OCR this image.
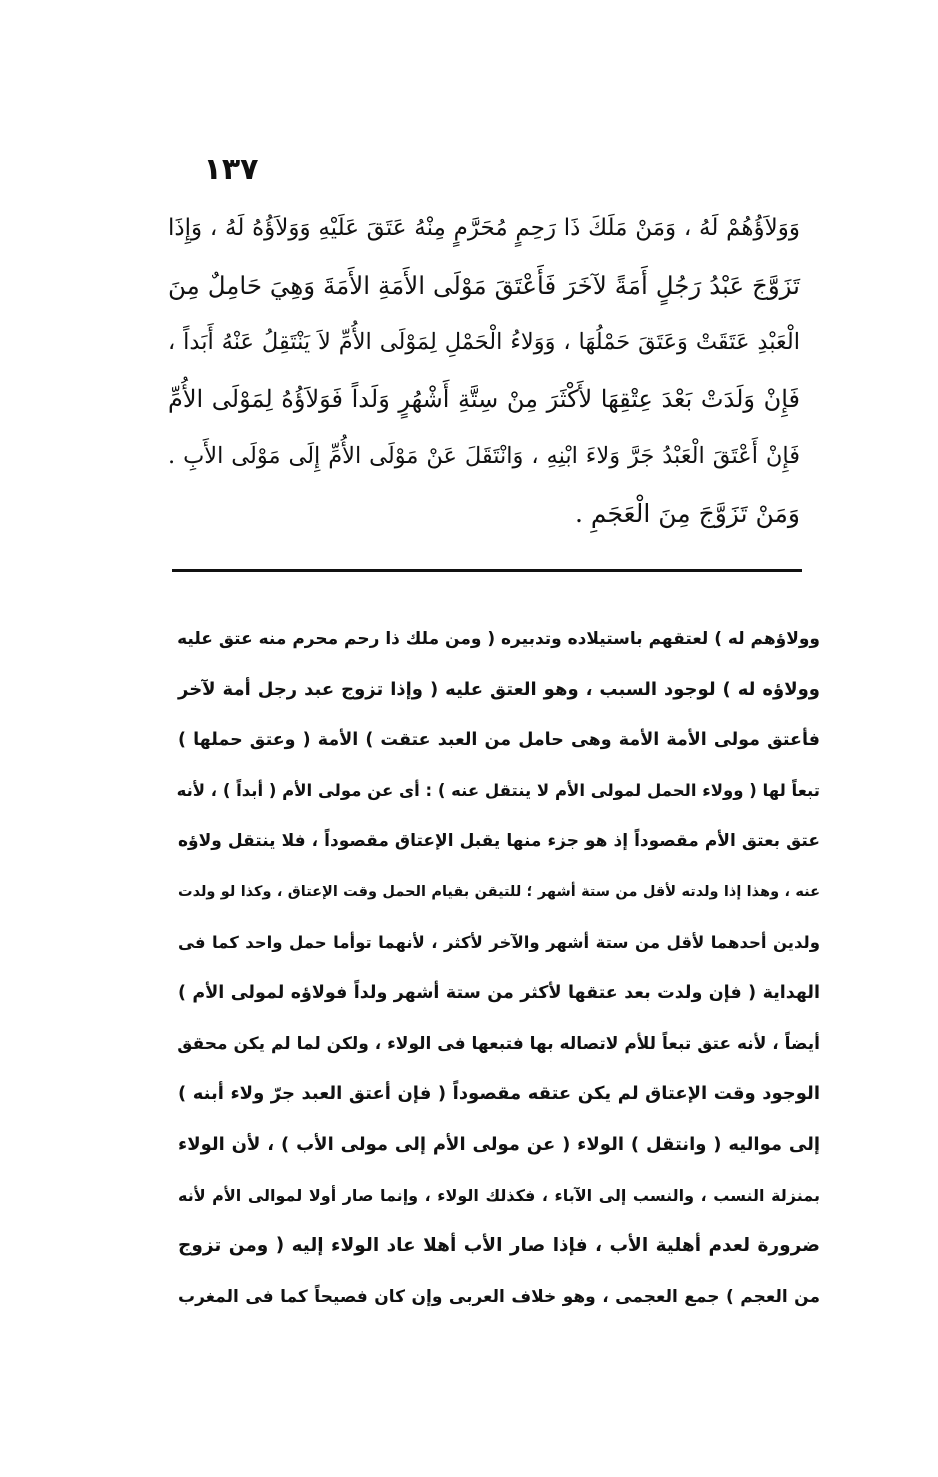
١٣٧
وَوَلاَؤُهُمْ لَهُ ، وَمَنْ مَلَكَ ذَا رَحِمٍ مُحَرَّمٍ مِنْهُ عَتَقَ عَلَيْهِ وَوَلاَؤُهُ لَهُ ، وَإِذَا
تَزَوَّجَ عَبْدُ رَجُلٍ أَمَةً لآخَرَ فَأَعْتَقَ مَوْلَى الأَمَةِ الأَمَةَ وَهِيَ حَامِلٌ مِنَ
الْعَبْدِ عَتَقَتْ وَعَتَقَ حَمْلُهَا ، وَوَلاءُ الْحَمْلِ لِمَوْلَى الأُمِّ لاَ يَنْتَقِلُ عَنْهُ أَبَداً ،
فَإِنْ وَلَدَتْ بَعْدَ عِتْقِهَا لأَكْثَرَ مِنْ سِتَّةِ أَشْهُرٍ وَلَداً فَوَلاَؤُهُ لِمَوْلَى الأُمِّ
فَإِنْ أَعْتَقَ الْعَبْدُ جَرَّ وَلاءَ ابْنِهِ ، وَانْتَقَلَ عَنْ مَوْلَى الأُمِّ إِلَى مَوْلَى الأَبِ .
وَمَنْ تَزَوَّجَ مِنَ الْعَجَمِ .
وولاؤهم له ) لعتقهم باستيلاده وتدبيره ( ومن ملك ذا رحم محرم منه عتق عليه
وولاؤه له ) لوجود السبب ، وهو العتق عليه ( وإذا تزوج عبد رجل أمة لآخر
فأعتق مولى الأمة الأمة وهى حامل من العبد عتقت ) الأمة ( وعتق حملها )
تبعاً لها ( وولاء الحمل لمولى الأم لا ينتقل عنه ) : أى عن مولى الأم ( أبداً ) ، لأنه
عتق بعتق الأم مقصوداً إذ هو جزء منها يقبل الإعتاق مقصوداً ، فلا ينتقل ولاؤه
عنه ، وهذا إذا ولدته لأقل من ستة أشهر ؛ للتيقن بقيام الحمل وقت الإعتاق ، وكذا لو ولدت
ولدين أحدهما لأقل من ستة أشهر والآخر لأكثر ، لأنهما توأما حمل واحد كما فى
الهداية ( فإن ولدت بعد عتقها لأكثر من ستة أشهر ولداً فولاؤه لمولى الأم )
أيضاً ، لأنه عتق تبعاً للأم لاتصاله بها فتبعها فى الولاء ، ولكن لما لم يكن محقق
الوجود وقت الإعتاق لم يكن عتقه مقصوداً ( فإن أعتق العبد جرّ ولاء أبنه )
إلى مواليه ( وانتقل ) الولاء ( عن مولى الأم إلى مولى الأب ) ، لأن الولاء
بمنزلة النسب ، والنسب إلى الآباء ، فكذلك الولاء ، وإنما صار أولا لموالى الأم لأنه
ضرورة لعدم أهلية الأب ، فإذا صار الأب أهلا عاد الولاء إليه ( ومن تزوج
من العجم ) جمع العجمى ، وهو خلاف العربى وإن كان فصيحاً كما فى المغرب
